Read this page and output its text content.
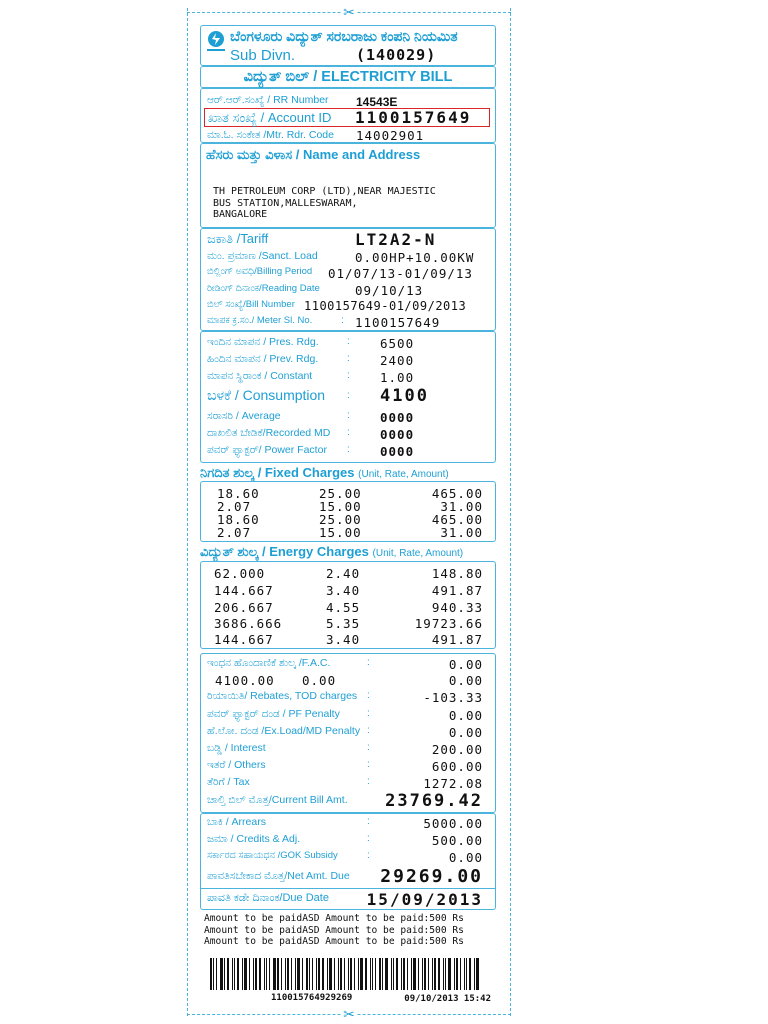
✂
✂
ಬೆಂಗಳೂರು ವಿದ್ಯುತ್ ಸರಬರಾಜು ಕಂಪನಿ ನಿಯಮಿತ
Sub Divn.	(140029)
ವಿದ್ಯುತ್ ಬಿಲ್ / ELECTRICITY BILL
ಆರ್.ಆರ್.ಸಂಖ್ಯೆ / RR Number 14543E
ಖಾತ ಸಂಖ್ಯೆ / Account ID 1100157649
ಮಾ.ಓ. ಸಂಕೇತ /Mtr. Rdr. Code 14002901
ಹೆಸರು ಮತ್ತು ವಿಳಾಸ / Name and Address
TH PETROLEUM CORP (LTD),NEAR MAJESTIC
BUS STATION,MALLESWARAM,
BANGALORE
ಜಕಾತಿ /Tariff	LT2A2-N
ಮಂ. ಪ್ರಮಾಣ /Sanct. Load	0.00HP+10.00KW
ಬಿಲ್ಲಿಂಗ್ ಅವಧಿ/Billing Period 01/07/13-01/09/13
ರೀಡಿಂಗ್ ದಿನಾಂಕ/Reading Date	09/10/13
ಬಿಲ್ ಸಂಖ್ಯೆ/Bill Number 1100157649-01/09/2013
ಮಾಪಕ ಕ್ರ.ಸಂ./ Meter Sl. No.	: 1100157649
ಇಂದಿನ ಮಾಪನ / Pres. Rdg.	: 6500
ಹಿಂದಿನ ಮಾಪನ / Prev. Rdg.	: 2400
ಮಾಪನ ಸ್ಥಿರಾಂಕ / Constant	: 1.00
ಬಳಕೆ / Consumption : 4100
ಸರಾಸರಿ / Average	: 0000
ದಾಖಲಿತ ಬೇಡಿಕೆ/Recorded MD : 0000
ಪವರ್ ಫ್ಯಾಕ್ಟರ್/ Power Factor : 0000
ನಿಗದಿತ ಶುಲ್ಕ / Fixed Charges (Unit, Rate, Amount)
18.60	25.00	465.00
2.07	15.00	31.00
18.60	25.00	465.00
2.07	15.00	31.00
ವಿದ್ಯುತ್ ಶುಲ್ಕ / Energy Charges (Unit, Rate, Amount)
62.000	2.40	148.80
144.667	3.40	491.87
206.667	4.55	940.33
3686.666	5.35	19723.66
144.667	3.40	491.87
ಇಂಧನ ಹೊಂದಾಣಿಕೆ ಶುಲ್ಕ /F.A.C.	:	0.00
4100.00 0.00	0.00
ರಿಯಾಯಿತಿ/ Rebates, TOD charges :	-103.33
ಪವರ್ ಫ್ಯಾಕ್ಟರ್ ದಂಡ / PF Penalty	:	0.00
ಹೆ.ಲೋ. ದಂಡ /Ex.Load/MD Penalty :	0.00
ಬಡ್ಡಿ / Interest	:	200.00
ಇತರೆ / Others	:	600.00
ತೆರಿಗೆ / Tax	:	1272.08
ಚಾಲ್ತಿ ಬಿಲ್ ಮೊತ್ತ/Current Bill Amt. 23769.42
ಬಾಕಿ / Arrears	:	5000.00
ಜಮಾ / Credits & Adj.	:	500.00
ಸರ್ಕಾರದ ಸಹಾಯಧನ /GOK Subsidy	:	0.00
ಪಾವತಿಸಬೇಕಾದ ಮೊತ್ತ/Net Amt. Due 29269.00
ಪಾವತಿ ಕಡೇ ದಿನಾಂಕ/Due Date 15/09/2013
Amount to be paidASD Amount to be paid:500 Rs
Amount to be paidASD Amount to be paid:500 Rs
Amount to be paidASD Amount to be paid:500 Rs
110015764929269	09/10/2013 15:42
